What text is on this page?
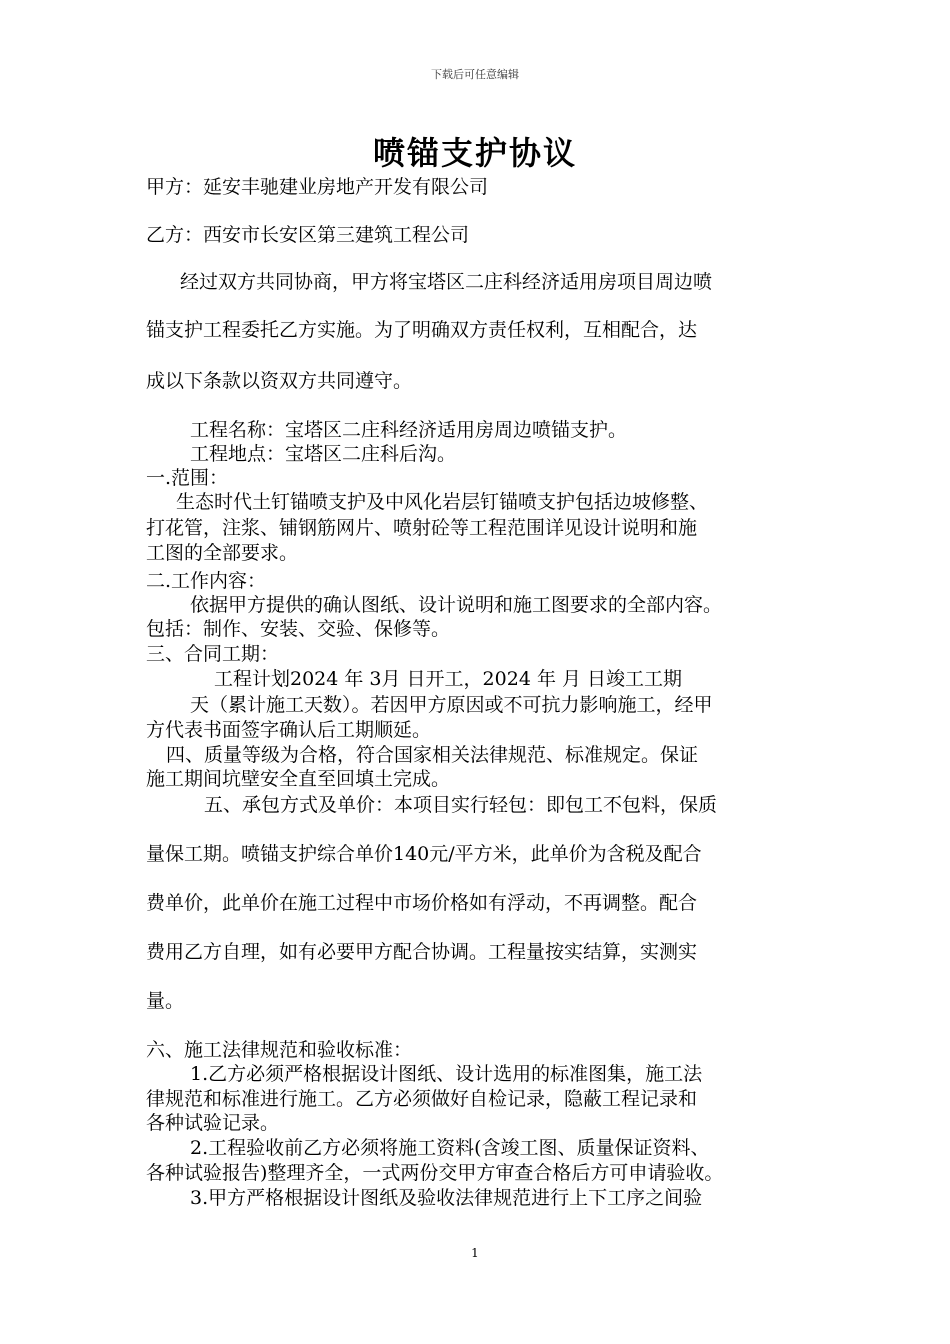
下载后可任意编辑
喷锚支护协议
甲方：延安丰驰建业房地产开发有限公司
乙方：西安市长安区第三建筑工程公司
经过双方共同协商，甲方将宝塔区二庄科经济适用房项目周边喷
锚支护工程委托乙方实施。为了明确双方责任权利，互相配合，达
成以下条款以资双方共同遵守。
工程名称：宝塔区二庄科经济适用房周边喷锚支护。
工程地点：宝塔区二庄科后沟。
一.范围：
生态时代土钉锚喷支护及中风化岩层钉锚喷支护包括边坡修整、
打花管，注浆、铺钢筋网片、喷射砼等工程范围详见设计说明和施
工图的全部要求。
二.工作内容：
依据甲方提供的确认图纸、设计说明和施工图要求的全部内容。
包括：制作、安装、交验、保修等。
三、合同工期：
工程计划2024 年 3月 日开工，2024 年 月 日竣工工期
天（累计施工天数）。若因甲方原因或不可抗力影响施工，经甲
方代表书面签字确认后工期顺延。
四、质量等级为合格，符合国家相关法律规范、标准规定。保证
施工期间坑壁安全直至回填土完成。
五、承包方式及单价：本项目实行轻包：即包工不包料，保质
量保工期。喷锚支护综合单价140元/平方米，此单价为含税及配合
费单价，此单价在施工过程中市场价格如有浮动，不再调整。配合
费用乙方自理，如有必要甲方配合协调。工程量按实结算，实测实
量。
六、施工法律规范和验收标准：
1.乙方必须严格根据设计图纸、设计选用的标准图集，施工法
律规范和标准进行施工。乙方必须做好自检记录，隐蔽工程记录和
各种试验记录。
2.工程验收前乙方必须将施工资料(含竣工图、质量保证资料、
各种试验报告)整理齐全，一式两份交甲方审查合格后方可申请验收。
3.甲方严格根据设计图纸及验收法律规范进行上下工序之间验
1
